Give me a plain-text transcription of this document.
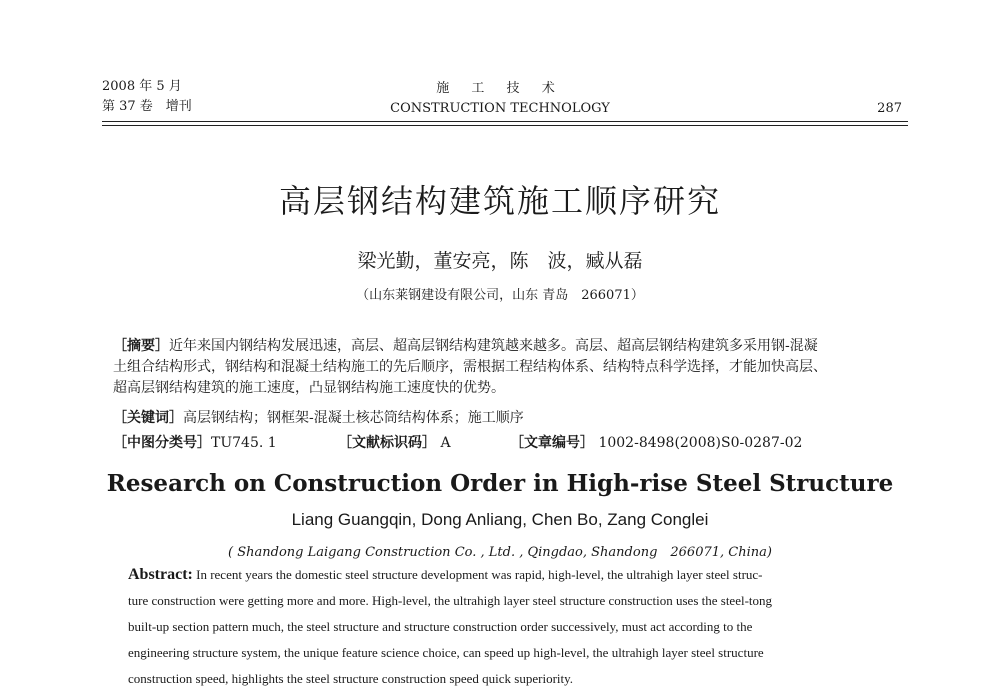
2008 年 5 月
第 37 卷　增刊
施 工 技 术
CONSTRUCTION TECHNOLOGY	287
高层钢结构建筑施工顺序研究
梁光勤，董安亮，陈　波，臧从磊
（山东莱钢建设有限公司，山东 青岛　266071）
［摘要］近年来国内钢结构发展迅速，高层、超高层钢结构建筑越来越多。高层、超高层钢结构建筑多采用钢-混凝
土组合结构形式，钢结构和混凝土结构施工的先后顺序，需根据工程结构体系、结构特点科学选择，才能加快高层、
超高层钢结构建筑的施工速度，凸显钢结构施工速度快的优势。
［关键词］高层钢结构；钢框架-混凝土核芯筒结构体系；施工顺序
［中图分类号］TU745. 1	［文献标识码］ A	［文章编号］ 1002-8498(2008)S0-0287-02
Research on Construction Order in High-rise Steel Structure
Liang Guangqin, Dong Anliang, Chen Bo, Zang Conglei
( Shandong Laigang Construction Co. , Ltd. , Qingdao, Shandong　266071, China)
Abstract: In recent years the domestic steel structure development was rapid, high-level, the ultrahigh layer steel struc-
ture construction were getting more and more. High-level, the ultrahigh layer steel structure construction uses the steel-tong
built-up section pattern much, the steel structure and structure construction order successively, must act according to the
engineering structure system, the unique feature science choice, can speed up high-level, the ultrahigh layer steel structure
construction speed, highlights the steel structure construction speed quick superiority.
